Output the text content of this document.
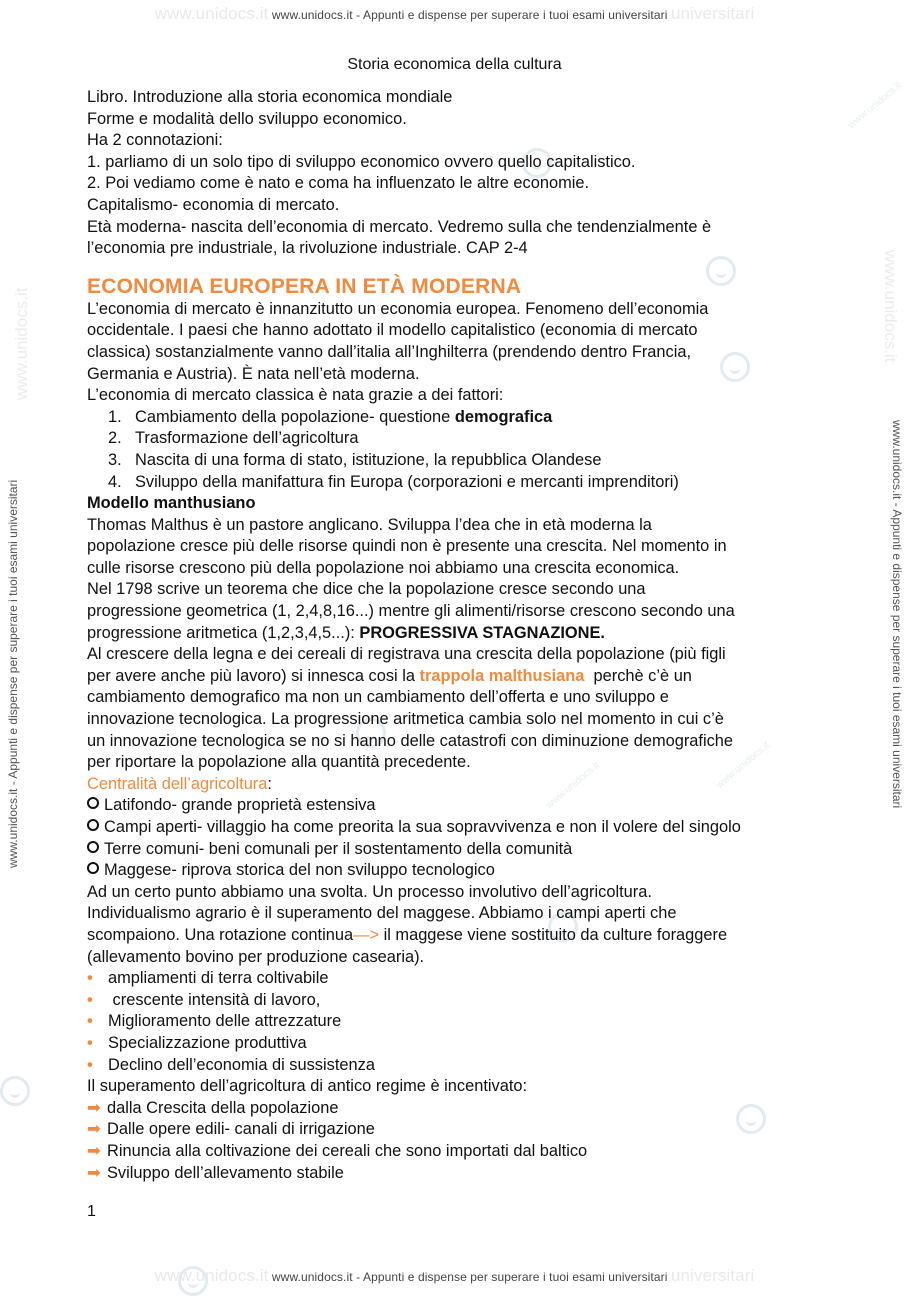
www.unidocs.it www.unidocs.it - Appunti e dispense per superare i tuoi esami universitari universitari
www.unidocs.it www.unidocs.it - Appunti e dispense per superare i tuoi esami universitari universitari
www.unidocs.it - Appunti e dispense per superare i tuoi esami universitari	www.unidocs.it - Appunti e dispense per superare i tuoi esami universitari
www.unidocs.it	www.unidocs.it
www.unidocs.it
www.unidocs.it
www.unidocs.it
Storia economica della cultura
Libro. Introduzione alla storia economica mondiale
Forme e modalità dello sviluppo economico.
Ha 2 connotazioni:
1. parliamo di un solo tipo di sviluppo economico ovvero quello capitalistico.
2. Poi vediamo come è nato e coma ha influenzato le altre economie.
Capitalismo- economia di mercato.
Età moderna- nascita dell’economia di mercato. Vedremo sulla che tendenzialmente è
l’economia pre industriale, la rivoluzione industriale. CAP 2-4
ECONOMIA EUROPERA IN ETÀ MODERNA
L’economia di mercato è innanzitutto un economia europea. Fenomeno dell’economia
occidentale. I paesi che hanno adottato il modello capitalistico (economia di mercato
classica) sostanzialmente vanno dall’italia all’Inghilterra (prendendo dentro Francia,
Germania e Austria). È nata nell’età moderna.
L’economia di mercato classica è nata grazie a dei fattori:
1. Cambiamento della popolazione- questione demografica
2. Trasformazione dell’agricoltura
3. Nascita di una forma di stato, istituzione, la repubblica Olandese
4. Sviluppo della manifattura fin Europa (corporazioni e mercanti imprenditori)
Modello manthusiano
Thomas Malthus è un pastore anglicano. Sviluppa l’dea che in età moderna la
popolazione cresce più delle risorse quindi non è presente una crescita. Nel momento in
culle risorse crescono più della popolazione noi abbiamo una crescita economica.
Nel 1798 scrive un teorema che dice che la popolazione cresce secondo una
progressione geometrica (1, 2,4,8,16...) mentre gli alimenti/risorse crescono secondo una
progressione aritmetica (1,2,3,4,5...): PROGRESSIVA STAGNAZIONE.
Al crescere della legna e dei cereali di registrava una crescita della popolazione (più figli
per avere anche più lavoro) si innesca cosi la trappola malthusiana  perchè c’è un
cambiamento demografico ma non un cambiamento dell’offerta e uno sviluppo e
innovazione tecnologica. La progressione aritmetica cambia solo nel momento in cui c’è
un innovazione tecnologica se no si hanno delle catastrofi con diminuzione demografiche
per riportare la popolazione alla quantità precedente.
Centralità dell’agricoltura:
Latifondo- grande proprietà estensiva
Campi aperti- villaggio ha come preorita la sua sopravvivenza e non il volere del singolo
Terre comuni- beni comunali per il sostentamento della comunità
Maggese- riprova storica del non sviluppo tecnologico
Ad un certo punto abbiamo una svolta. Un processo involutivo dell’agricoltura.
Individualismo agrario è il superamento del maggese. Abbiamo i campi aperti che
scompaiono. Una rotazione continua—> il maggese viene sostituito da culture foraggere
(allevamento bovino per produzione casearia).
• ampliamenti di terra coltivabile
• crescente intensità di lavoro,
• Miglioramento delle attrezzature
• Specializzazione produttiva
• Declino dell’economia di sussistenza
Il superamento dell’agricoltura di antico regime è incentivato:
➡ dalla Crescita della popolazione
➡ Dalle opere edili- canali di irrigazione
➡ Rinuncia alla coltivazione dei cereali che sono importati dal baltico
➡ Sviluppo dell’allevamento stabile
1
